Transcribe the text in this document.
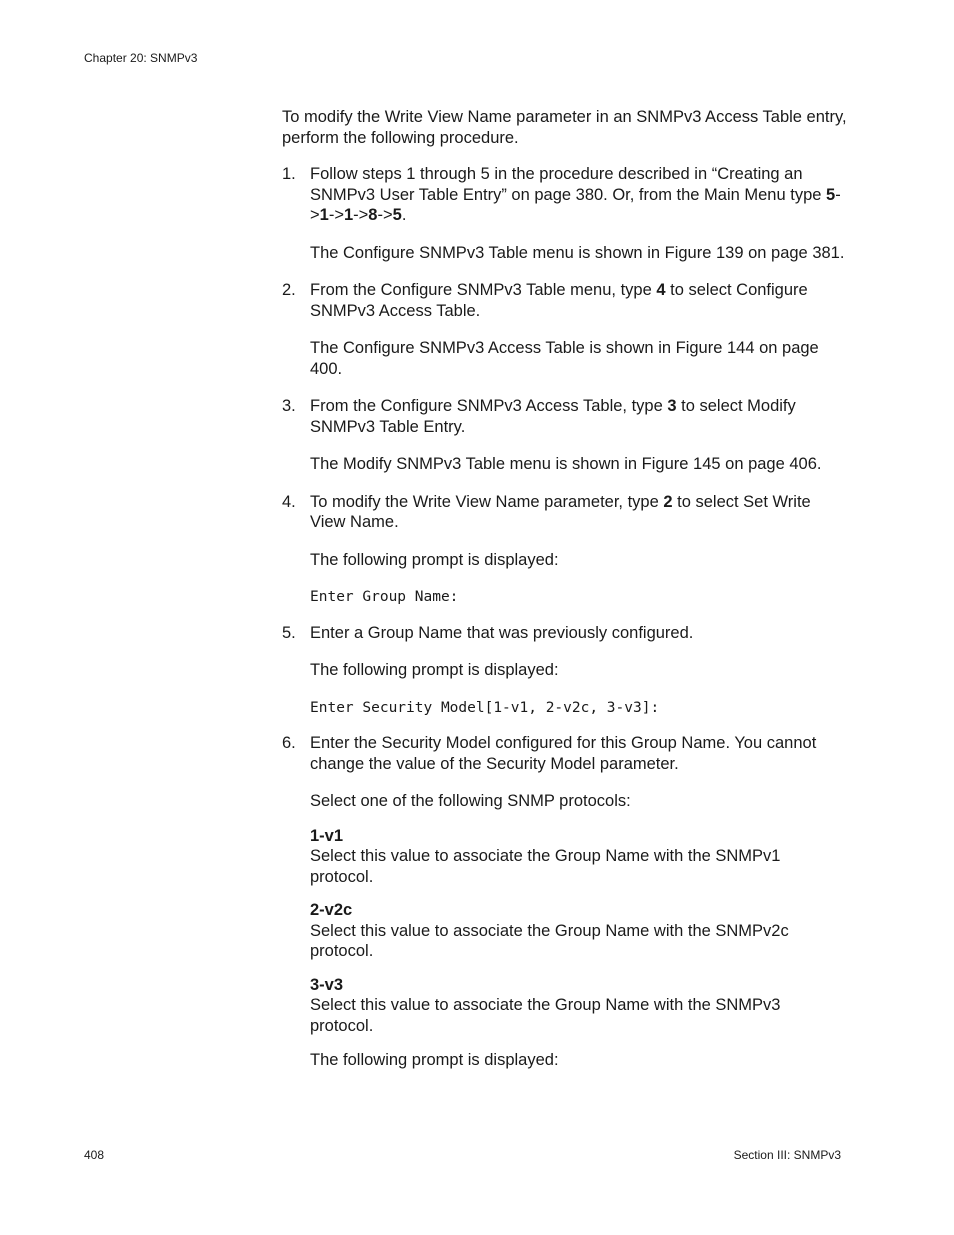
Chapter 20: SNMPv3

To modify the Write View Name parameter in an SNMPv3 Access Table entry, perform the following procedure.

1. Follow steps 1 through 5 in the procedure described in “Creating an SNMPv3 User Table Entry” on page 380. Or, from the Main Menu type 5->1->1->8->5.

The Configure SNMPv3 Table menu is shown in Figure 139 on page 381.

2. From the Configure SNMPv3 Table menu, type 4 to select Configure SNMPv3 Access Table.

The Configure SNMPv3 Access Table is shown in Figure 144 on page 400.

3. From the Configure SNMPv3 Access Table, type 3 to select Modify SNMPv3 Table Entry.

The Modify SNMPv3 Table menu is shown in Figure 145 on page 406.

4. To modify the Write View Name parameter, type 2 to select Set Write View Name.

The following prompt is displayed:

Enter Group Name:

5. Enter a Group Name that was previously configured.

The following prompt is displayed:

Enter Security Model[1-v1, 2-v2c, 3-v3]:

6. Enter the Security Model configured for this Group Name. You cannot change the value of the Security Model parameter.

Select one of the following SNMP protocols:

1-v1
Select this value to associate the Group Name with the SNMPv1 protocol.
2-v2c
Select this value to associate the Group Name with the SNMPv2c protocol.
3-v3
Select this value to associate the Group Name with the SNMPv3 protocol.

The following prompt is displayed:

408	Section III: SNMPv3
